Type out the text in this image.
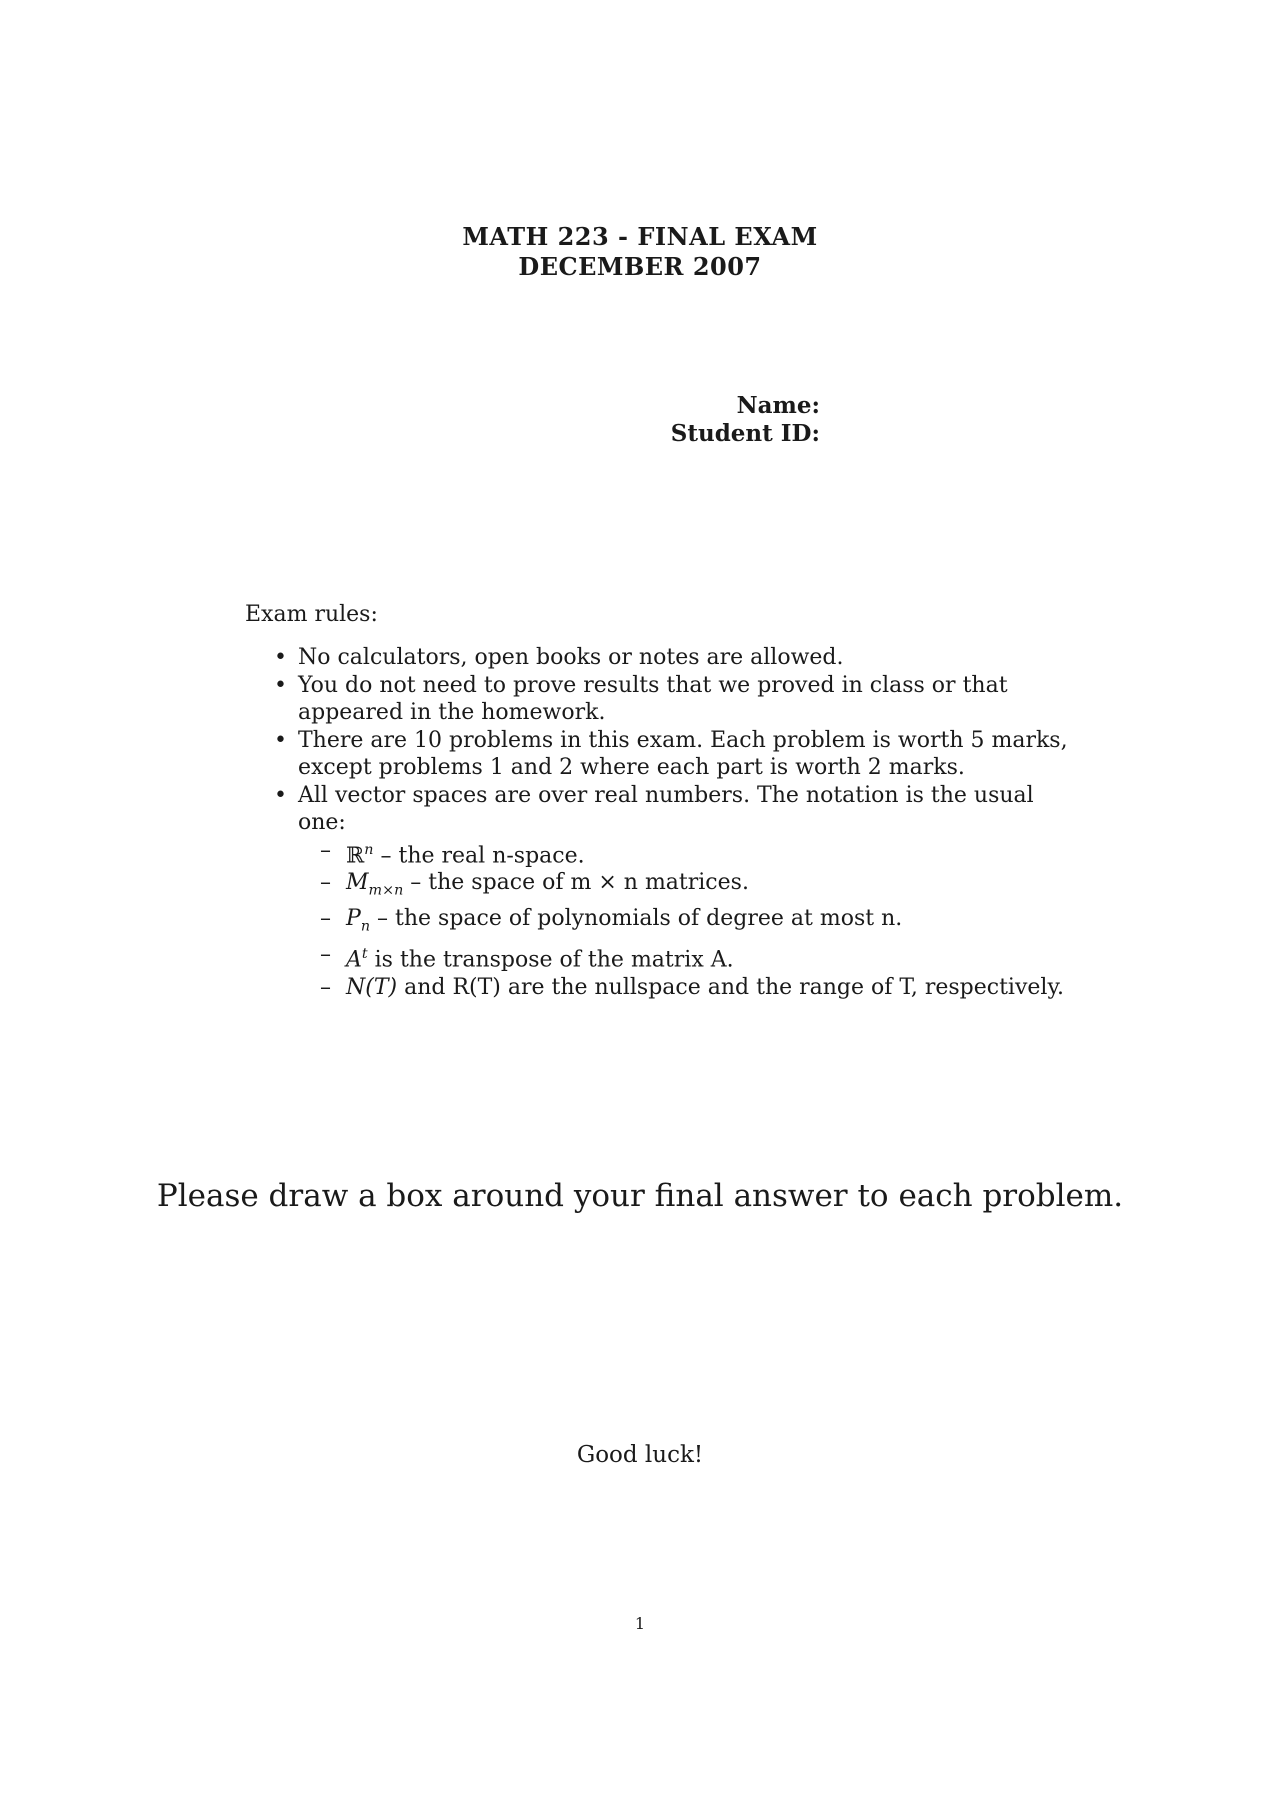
MATH 223 - FINAL EXAM
DECEMBER 2007
Name:
Student ID:
Exam rules:
• No calculators, open books or notes are allowed.
• You do not need to prove results that we proved in class or that appeared in the homework.
• There are 10 problems in this exam. Each problem is worth 5 marks, except problems 1 and 2 where each part is worth 2 marks.
• All vector spaces are over real numbers. The notation is the usual one:
– ℝ$^n$ – the real n-space.
– $M_{m\times n}$ – the space of m × n matrices.
– $P_n$ – the space of polynomials of degree at most n.
– $A^t$ is the transpose of the matrix A.
– N(T) and R(T) are the nullspace and the range of T, respectively.
Please draw a box around your final answer to each problem.
Good luck!
1
